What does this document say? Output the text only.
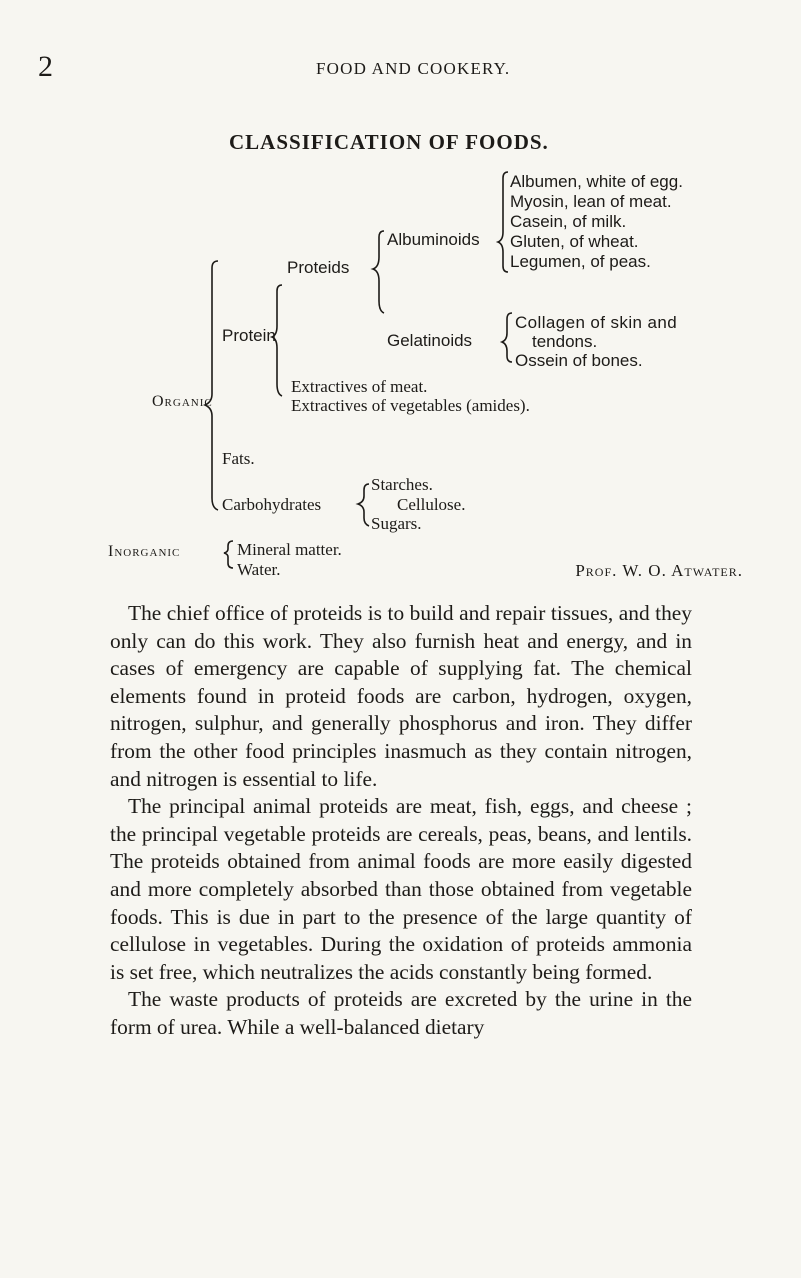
2	FOOD AND COOKERY.
CLASSIFICATION OF FOODS.
Organic
Inorganic
Protein
Proteids
Albuminoids
Albumen, white of egg.
Myosin, lean of meat.
Casein, of milk.
Gluten, of wheat.
Legumen, of peas.
Gelatinoids
Collagen of skin and
tendons.
Ossein of bones.
Extractives of meat.
Extractives of vegetables (amides).
Fats.
Carbohydrates
Starches.
Cellulose.
Sugars.
Mineral matter.
Water.	Prof. W. O. Atwater.

The chief office of proteids is to build and repair tissues, and they only can do this work. They also furnish heat and energy, and in cases of emergency are capable of supplying fat. The chemical elements found in proteid foods are carbon, hydrogen, oxygen, nitrogen, sulphur, and generally phosphorus and iron. They differ from the other food principles inasmuch as they contain nitrogen, and nitrogen is essential to life.

The principal animal proteids are meat, fish, eggs, and cheese ; the principal vegetable proteids are cereals, peas, beans, and lentils. The proteids obtained from animal foods are more easily digested and more completely absorbed than those obtained from vegetable foods. This is due in part to the presence of the large quantity of cellulose in vegetables. During the oxidation of proteids ammonia is set free, which neutralizes the acids constantly being formed.

The waste products of proteids are excreted by the urine in the form of urea. While a well-balanced dietary
